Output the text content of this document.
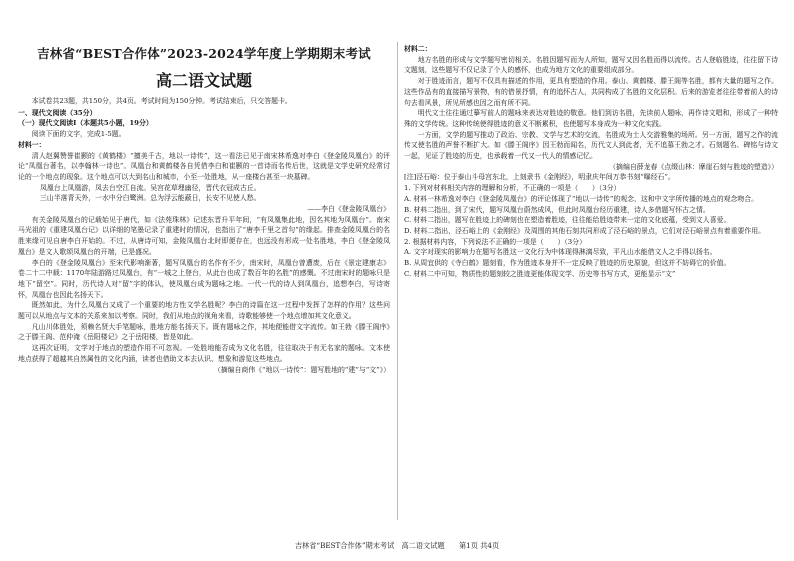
吉林省“BEST合作体”2023-2024学年度上学期期末考试
高二语文试题

本试卷共23题，共150分，共4页。考试时间为150分钟。考试结束后，只交答题卡。

一、现代文阅读（35分）

（一）现代文阅读Ⅰ（本题共5小题，19分）

阅读下面的文字，完成1-5题。

材料一：

清人赵翼赞誉崔颢的《黄鹤楼》“擅美千古，地以一诗传”，这一看法已见于南宋林希逸对李白《登金陵凤凰台》的评论“凤凰台著名，以李翰林一诗也”。凤凰台和黄鹤楼各自凭借李白和崔颢的一首诗而名传后世，这就是文学史研究经常讨论的一个地点的现象。这个地点可以大到名山和城市，小至一处胜地，从一座楼台甚至一块墓碑。

凤凰台上凤凰游，凤去台空江自流。吴宫花草埋幽径，晋代衣冠成古丘。

三山半落青天外，一水中分白鹭洲。总为浮云能蔽日，长安不见使人愁。

——李白《登金陵凤凰台》

有关金陵凤凰台的记载始见于唐代，如《法苑珠林》记述东晋升平年间，“有凤凰集此地，因名其地为凤凰台”。南宋马光祖的《重建凤凰台记》以详细的笔墨记录了重建时的情况，也指出了“唐李千里之首句”的缘起。排查金陵凤凰台的名胜来缘可见自唐李白开始的。不过，从唐诗可知，金陵凤凰台北时即便存在，也远没有形成一处名胜地，李白《登金陵凤凰台》是文人歌颂凤凰台的开端，已是盛况。

李白的《登金陵凤凰台》至宋代影响渐著，题写凤凰台的名作有不少，南宋时，凤凰台曾遭废，后在《景定建康志》卷二十二中载：1170年陆游路过凤凰台，有“一城之上登台，从此台也成了数百年的名胜”的感慨。不过南宋时的题咏只是地下“留空”。同时，历代诗人对“留”字的体认，使凤凰台成为题咏之地。一代一代的诗人到凤凰台，追想李白，写诗寄怀，凤凰台也因此名扬天下。

既然如此，为什么凤凰台又成了一个重要的地方性文学名胜呢？李白的诗篇在这一过程中发挥了怎样的作用？这些问题可以从地点与文本的关系来加以考察。同时，我们从地点的视角来看，诗歌能够使一个地点增加其文化意义。

凡山川体胜处，须赖名贤大手笔题咏，胜地方能名扬天下。既有题咏之作，其地便能借文字流传。如王勃《滕王阁序》之于滕王阁、范仲淹《岳阳楼记》之于岳阳楼，皆是如此。

这再次证明，文学对于地点的塑造作用不可忽视。一处胜地能否成为文化名胜，往往取决于有无名家的题咏。文本使地点获得了超越其自然属性的文化内涵，读者也借助文本去认识、想象和游览这些地点。

（摘编自商伟《“地以一诗传”：题写胜地的“建”与“文”》）

材料二：

地方名胜的形成与文学题写密切相关。名胜因题写而为人所知，题写又因名胜而得以流传。古人登临胜迹，往往留下诗文题刻，这些题写不仅记录了个人的感怀，也成为地方文化的重要组成部分。

对于胜迹而言，题写不仅具有描述的作用，更具有塑造的作用。泰山、黄鹤楼、滕王阁等名胜，都有大量的题写之作。这些作品有的直接描写景物，有的借景抒情，有的追怀古人，共同构成了名胜的文化层积。后来的游览者往往带着前人的诗句去看风景，所见所感也因之而有所不同。

明代文士往往通过摹写前人的题咏来表达对胜迹的敬意。他们到访名胜，先读前人题咏，再作诗文唱和，形成了一种特殊的文学传统。这种传统使得胜迹的意义不断累积，也使题写本身成为一种文化实践。

一方面，文学的题写推动了政治、宗教、文学与艺术的交流，名胜成为士人交游雅集的场所。另一方面，题写之作的流传又使名胜的声誉不断扩大。如《滕王阁序》因王勃而闻名，历代文人到此者，无不追慕王勃之才。石刻题名、碑铭与诗文一起，见证了胜迹的历史，也承载着一代又一代人的情感记忆。

（摘编自薛龙春《点缀山林：摩崖石刻与胜迹的塑造》）

[注]泾石峪：位于泰山斗母宫东北，上刻隶书《金刚经》，明隶庆年间万恭书刻“曝经石”。

1. 下列对材料相关内容的理解和分析，不正确的一项是（　　）（3分）

A. 材料一林希逸对李白《登金陵凤凰台》的评论体现了“地以一诗传”的观念，这和中文字所传播的地点的观念吻合。

B. 材料二指出，到了宋代，题写凤凰台蔚然成风，但此时凤凰台经历重建，诗人多借题写怀古之情。

C. 材料二指出，题写在胜迹上的碑刻也在塑造着胜迹，往往能给胜迹带来一定的文化底蕴，受到文人喜爱。

D. 材料二指出，泾石峪上的《金刚经》及周围的其他石刻共同形成了泾石峪的景点，它们对泾石峪景点有着重要作用。

2. 根据材料内容，下列说法不正确的一项是（　　）（3分）

A. 文字对现实的影响力在题写名胜这一文化行为中体现得淋漓尽致，平凡山水能借文人之手得以扬名。

B. 从周宜供的《寺白鹤》题刻看，作为胜迹本身并不一定反映了胜迹的历史原貌，但这并不妨碍它的价值。

C. 材料二中可知，物质性的题刻较之胜迹更能体现文学、历史等书写方式，更能显示“文”

吉林省“BEST合作体”期末考试　高二语文试题　　第1页 共4页
